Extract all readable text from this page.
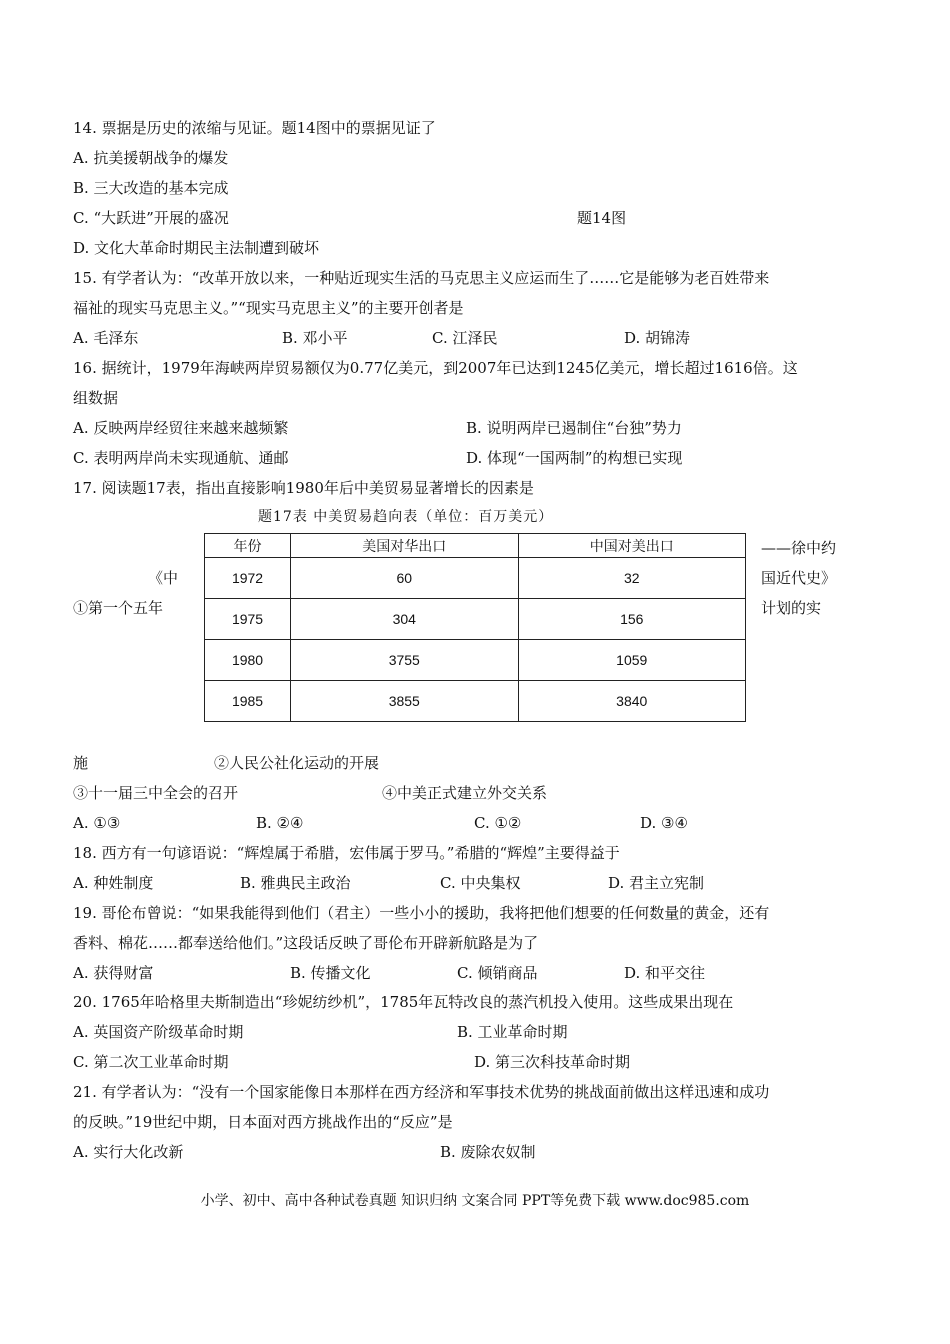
14. 票据是历史的浓缩与见证。题14图中的票据见证了
A. 抗美援朝战争的爆发
B. 三大改造的基本完成
C. “大跃进”开展的盛况	题14图
D. 文化大革命时期民主法制遭到破坏
15. 有学者认为：“改革开放以来，一种贴近现实生活的马克思主义应运而生了……它是能够为老百姓带来
福祉的现实马克思主义。”“现实马克思主义”的主要开创者是
A. 毛泽东	B. 邓小平	C. 江泽民	D. 胡锦涛
16. 据统计，1979年海峡两岸贸易额仅为0.77亿美元，到2007年已达到1245亿美元，增长超过1616倍。这
组数据
A. 反映两岸经贸往来越来越频繁	B. 说明两岸已遏制住“台独”势力
C. 表明两岸尚未实现通航、通邮	D. 体现“一国两制”的构想已实现
17. 阅读题17表，指出直接影响1980年后中美贸易显著增长的因素是
题17表 中美贸易趋向表（单位：百万美元）
年份	美国对华出口	中国对美出口
1972	60	32
1975	304	156
1980	3755	1059
1985	3855	3840
《中
①第一个五年
——徐中约
国近代史》
计划的实
施	②人民公社化运动的开展
③十一届三中全会的召开	④中美正式建立外交关系
A. ①③	B. ②④	C. ①②	D. ③④
18. 西方有一句谚语说：“辉煌属于希腊，宏伟属于罗马。”希腊的“辉煌”主要得益于
A. 种姓制度	B. 雅典民主政治	C. 中央集权	D. 君主立宪制
19. 哥伦布曾说：“如果我能得到他们（君主）一些小小的援助，我将把他们想要的任何数量的黄金，还有
香料、棉花……都奉送给他们。”这段话反映了哥伦布开辟新航路是为了
A. 获得财富	B. 传播文化	C. 倾销商品	D. 和平交往
20. 1765年哈格里夫斯制造出“珍妮纺纱机”，1785年瓦特改良的蒸汽机投入使用。这些成果出现在
A. 英国资产阶级革命时期	B. 工业革命时期
C. 第二次工业革命时期	D. 第三次科技革命时期
21. 有学者认为：“没有一个国家能像日本那样在西方经济和军事技术优势的挑战面前做出这样迅速和成功
的反映。”19世纪中期，日本面对西方挑战作出的“反应”是
A. 实行大化改新	B. 废除农奴制
小学、初中、高中各种试卷真题 知识归纳 文案合同 PPT等免费下载 www.doc985.com
